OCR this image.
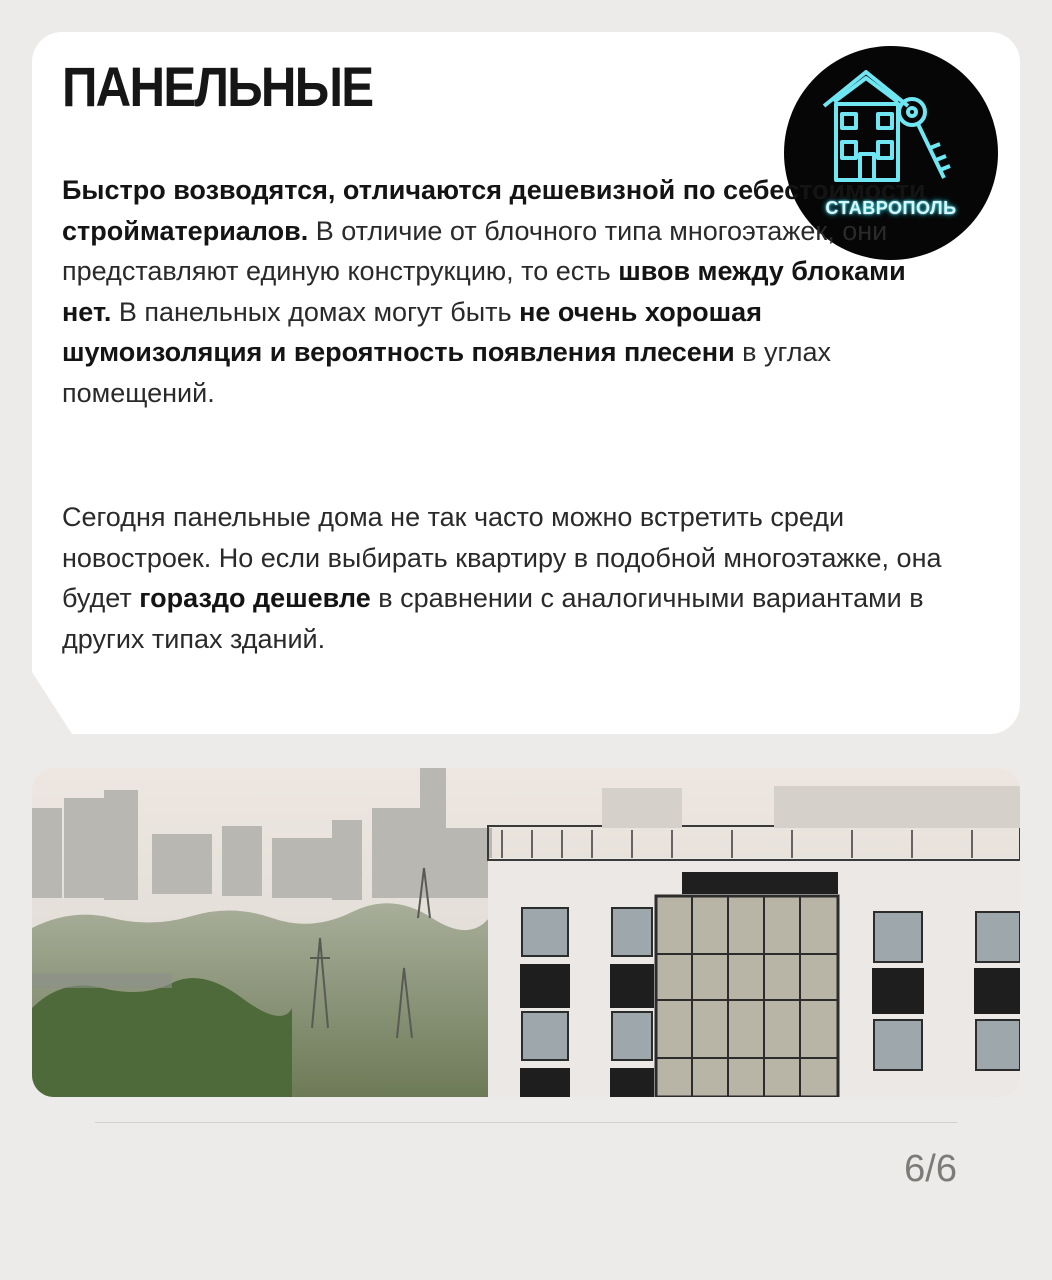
ПАНЕЛЬНЫЕ
СТАВРОПОЛЬ

Быстро возводятся, отличаются дешевизной по себестоимости стройматериалов. В отличие от блочного типа многоэтажек, они представляют единую конструкцию, то есть швов между блоками нет. В панельных домах могут быть не очень хорошая шумоизоляция и вероятность появления плесени в углах помещений.

Сегодня панельные дома не так часто можно встретить среди новостроек. Но если выбирать квартиру в подобной многоэтажке, она будет гораздо дешевле в сравнении с аналогичными вариантами в других типах зданий.

6/6
